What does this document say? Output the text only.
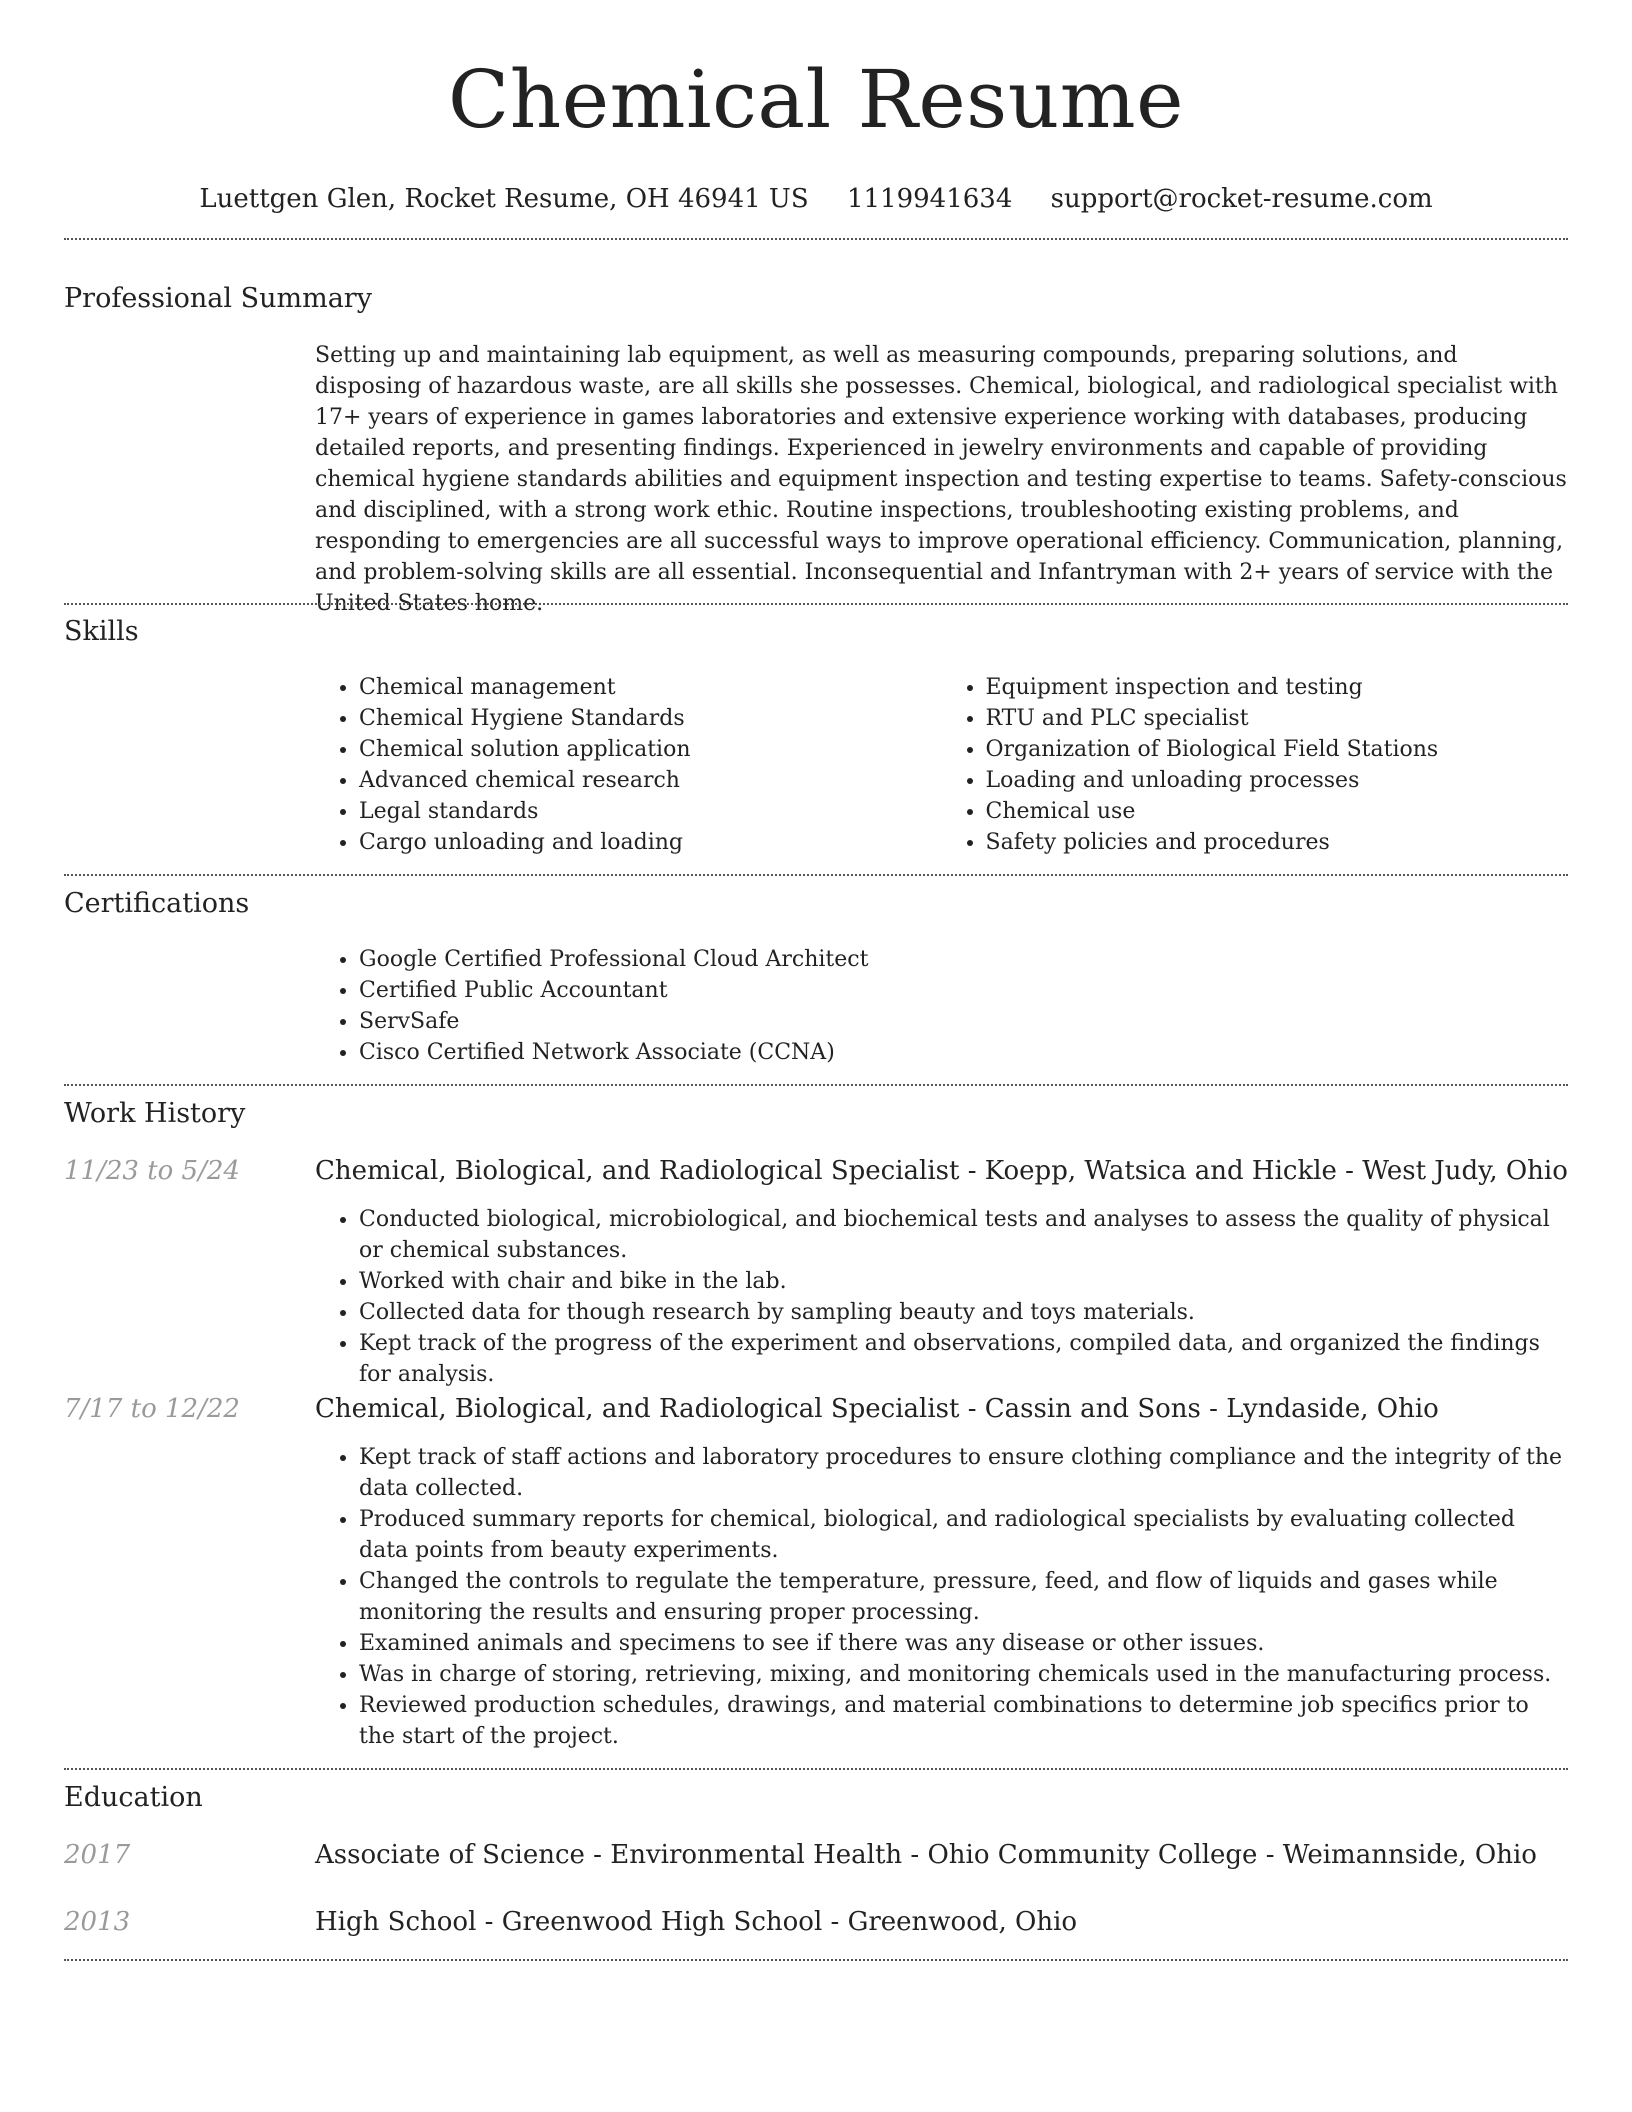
Chemical Resume
Luettgen Glen, Rocket Resume, OH 46941 US 1119941634 support@rocket-resume.com
Professional Summary

Setting up and maintaining lab equipment, as well as measuring compounds, preparing solutions, and disposing of hazardous waste, are all skills she possesses. Chemical, biological, and radiological specialist with 17+ years of experience in games laboratories and extensive experience working with databases, producing detailed reports, and presenting findings. Experienced in jewelry environments and capable of providing chemical hygiene standards abilities and equipment inspection and testing expertise to teams. Safety-conscious and disciplined, with a strong work ethic. Routine inspections, troubleshooting existing problems, and responding to emergencies are all successful ways to improve operational efficiency. Communication, planning, and problem-solving skills are all essential. Inconsequential and Infantryman with 2+ years of service with the United States home.

Skills
• Chemical management
• Chemical Hygiene Standards
• Chemical solution application
• Advanced chemical research
• Legal standards
• Cargo unloading and loading
• Equipment inspection and testing
• RTU and PLC specialist
• Organization of Biological Field Stations
• Loading and unloading processes
• Chemical use
• Safety policies and procedures
Certifications
• Google Certified Professional Cloud Architect
• Certified Public Accountant
• ServSafe
• Cisco Certified Network Associate (CCNA)
Work History
11/23 to 5/24	Chemical, Biological, and Radiological Specialist - Koepp, Watsica and Hickle - West Judy, Ohio
• Conducted biological, microbiological, and biochemical tests and analyses to assess the quality of physical or chemical substances.
• Worked with chair and bike in the lab.
• Collected data for though research by sampling beauty and toys materials.
• Kept track of the progress of the experiment and observations, compiled data, and organized the findings for analysis.
7/17 to 12/22	Chemical, Biological, and Radiological Specialist - Cassin and Sons - Lyndaside, Ohio
• Kept track of staff actions and laboratory procedures to ensure clothing compliance and the integrity of the data collected.
• Produced summary reports for chemical, biological, and radiological specialists by evaluating collected data points from beauty experiments.
• Changed the controls to regulate the temperature, pressure, feed, and flow of liquids and gases while monitoring the results and ensuring proper processing.
• Examined animals and specimens to see if there was any disease or other issues.
• Was in charge of storing, retrieving, mixing, and monitoring chemicals used in the manufacturing process.
• Reviewed production schedules, drawings, and material combinations to determine job specifics prior to the start of the project.
Education
2017	Associate of Science - Environmental Health - Ohio Community College - Weimannside, Ohio
2013	High School - Greenwood High School - Greenwood, Ohio
